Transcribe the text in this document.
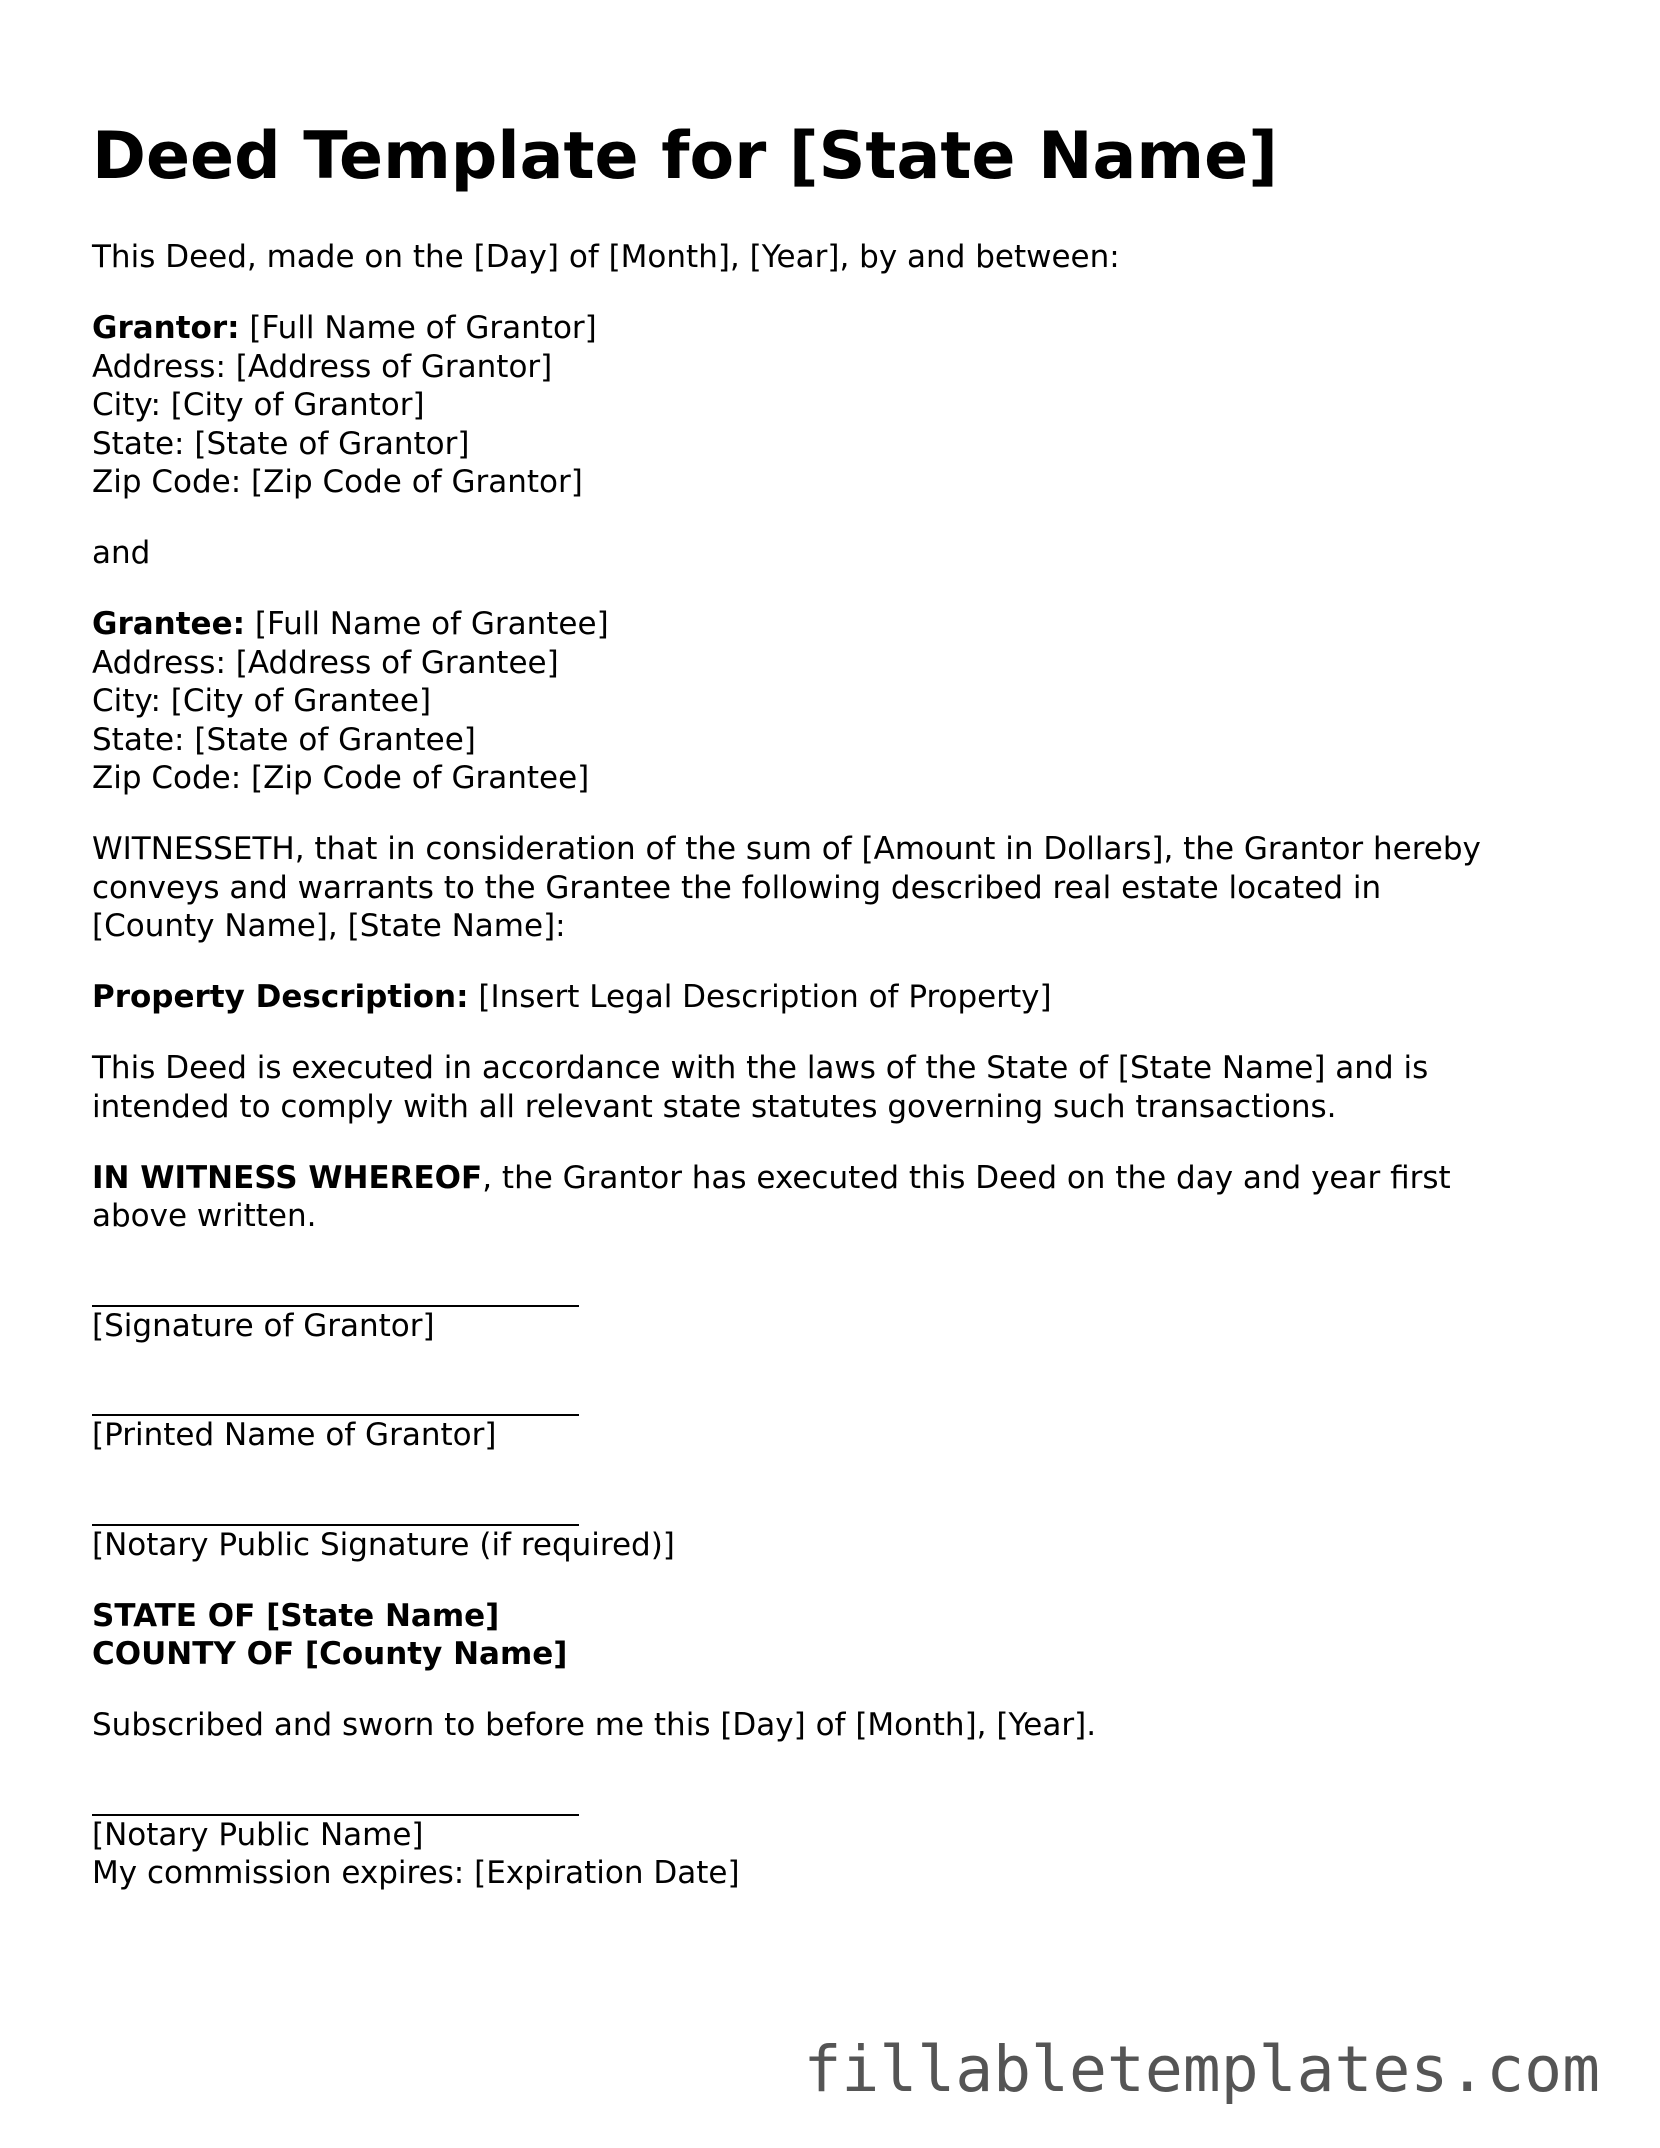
Deed Template for [State Name]

This Deed, made on the [Day] of [Month], [Year], by and between:

Grantor: [Full Name of Grantor]
Address: [Address of Grantor]
City: [City of Grantor]
State: [State of Grantor]
Zip Code: [Zip Code of Grantor]

and

Grantee: [Full Name of Grantee]
Address: [Address of Grantee]
City: [City of Grantee]
State: [State of Grantee]
Zip Code: [Zip Code of Grantee]

WITNESSETH, that in consideration of the sum of [Amount in Dollars], the Grantor hereby
conveys and warrants to the Grantee the following described real estate located in
[County Name], [State Name]:

Property Description: [Insert Legal Description of Property]

This Deed is executed in accordance with the laws of the State of [State Name] and is
intended to comply with all relevant state statutes governing such transactions.

IN WITNESS WHEREOF, the Grantor has executed this Deed on the day and year first
above written.

[Signature of Grantor]
[Printed Name of Grantor]
[Notary Public Signature (if required)]

STATE OF [State Name]
COUNTY OF [County Name]

Subscribed and sworn to before me this [Day] of [Month], [Year].

[Notary Public Name]
My commission expires: [Expiration Date]
fillabletemplates.com
